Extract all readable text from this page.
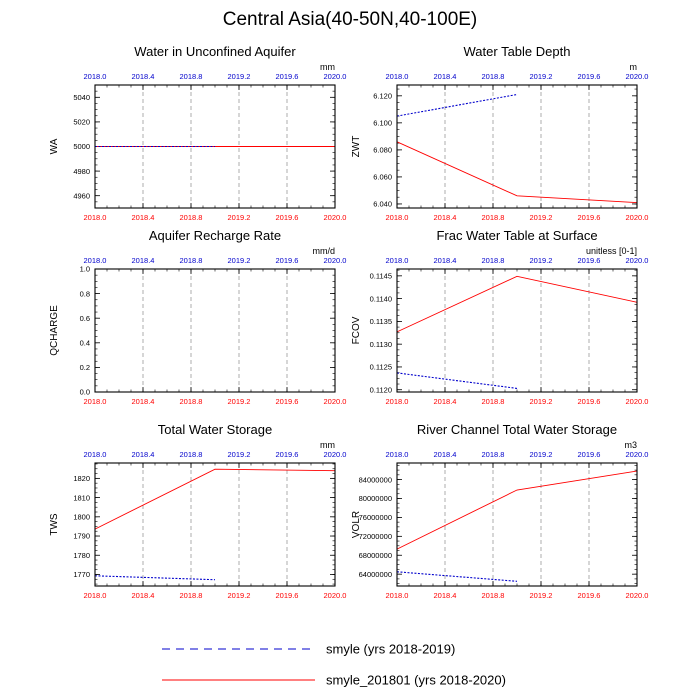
Central Asia(40-50N,40-100E)
Water in Unconfined Aquifer
mm
2018.0
2018.0
2018.4
2018.4
2018.8
2018.8
2019.2
2019.2
2019.6
2019.6
2020.0
2020.0
4960
4980
5000
5020
5040
WA
Water Table Depth
m
2018.0
2018.0
2018.4
2018.4
2018.8
2018.8
2019.2
2019.2
2019.6
2019.6
2020.0
2020.0
6.040
6.060
6.080
6.100
6.120
ZWT
Aquifer Recharge Rate
mm/d
2018.0
2018.0
2018.4
2018.4
2018.8
2018.8
2019.2
2019.2
2019.6
2019.6
2020.0
2020.0
0.0
0.2
0.4
0.6
0.8
1.0
QCHARGE
Frac Water Table at Surface
unitless [0-1]
2018.0
2018.0
2018.4
2018.4
2018.8
2018.8
2019.2
2019.2
2019.6
2019.6
2020.0
2020.0
0.1120
0.1125
0.1130
0.1135
0.1140
0.1145
FCOV
Total Water Storage
mm
2018.0
2018.0
2018.4
2018.4
2018.8
2018.8
2019.2
2019.2
2019.6
2019.6
2020.0
2020.0
1770
1780
1790
1800
1810
1820
TWS
River Channel Total Water Storage
m3
2018.0
2018.0
2018.4
2018.4
2018.8
2018.8
2019.2
2019.2
2019.6
2019.6
2020.0
2020.0
64000000
68000000
72000000
76000000
80000000
84000000
VOLR
smyle (yrs 2018-2019)
smyle_201801 (yrs 2018-2020)
